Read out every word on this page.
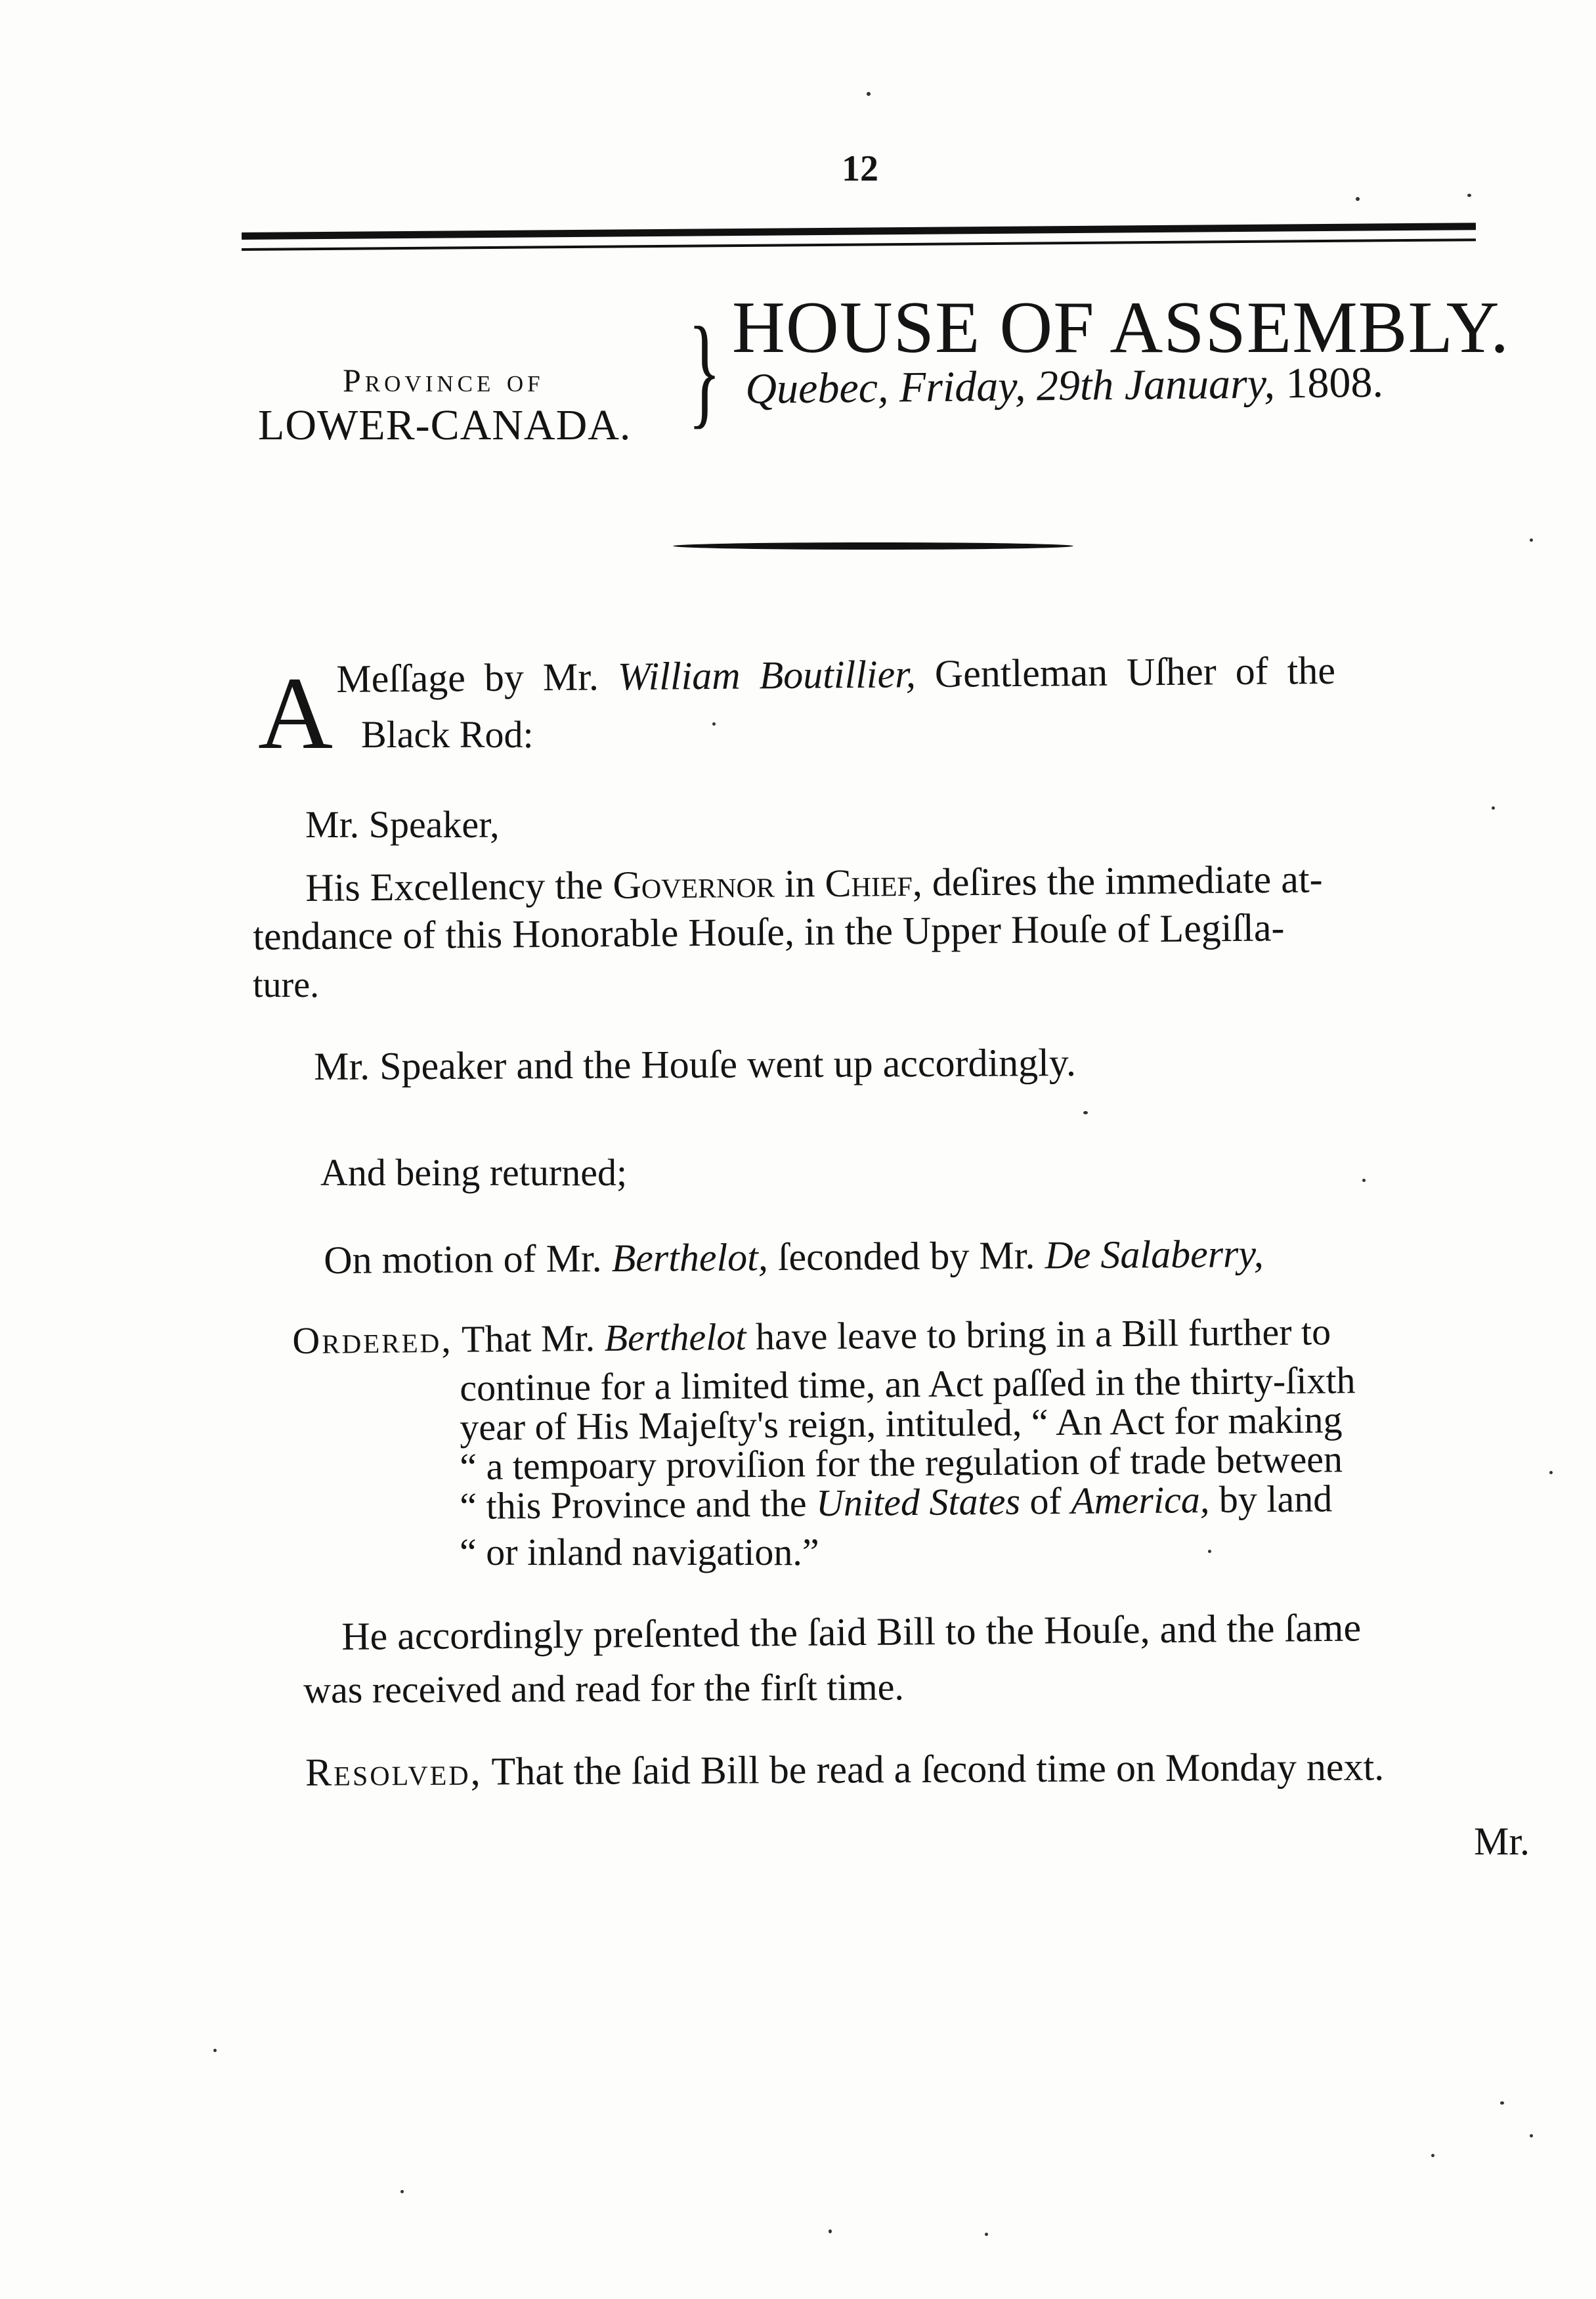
12
Province of
LOWER-CANADA. } HOUSE OF ASSEMBLY.
Quebec, Friday, 29th January, 1808.
A Meſſage by Mr. William Boutillier, Gentleman Uſher of the
Black Rod:
Mr. Speaker,
His Excellency the Governor in Chief, deſires the immediate at-
tendance of this Honorable Houſe, in the Upper Houſe of Legiſla-
ture.
Mr. Speaker and the Houſe went up accordingly.
And being returned;
On motion of Mr. Berthelot, ſeconded by Mr. De Salaberry,
Ordered, That Mr. Berthelot have leave to bring in a Bill further to
continue for a limited time, an Act paſſed in the thirty-ſixth
year of His Majeſty's reign, intituled, “ An Act for making
“ a tempoary proviſion for the regulation of trade between
“ this Province and the United States of America, by land
“ or inland navigation.”
He accordingly preſented the ſaid Bill to the Houſe, and the ſame
was received and read for the firſt time.
Resolved, That the ſaid Bill be read a ſecond time on Monday next.
Mr.
